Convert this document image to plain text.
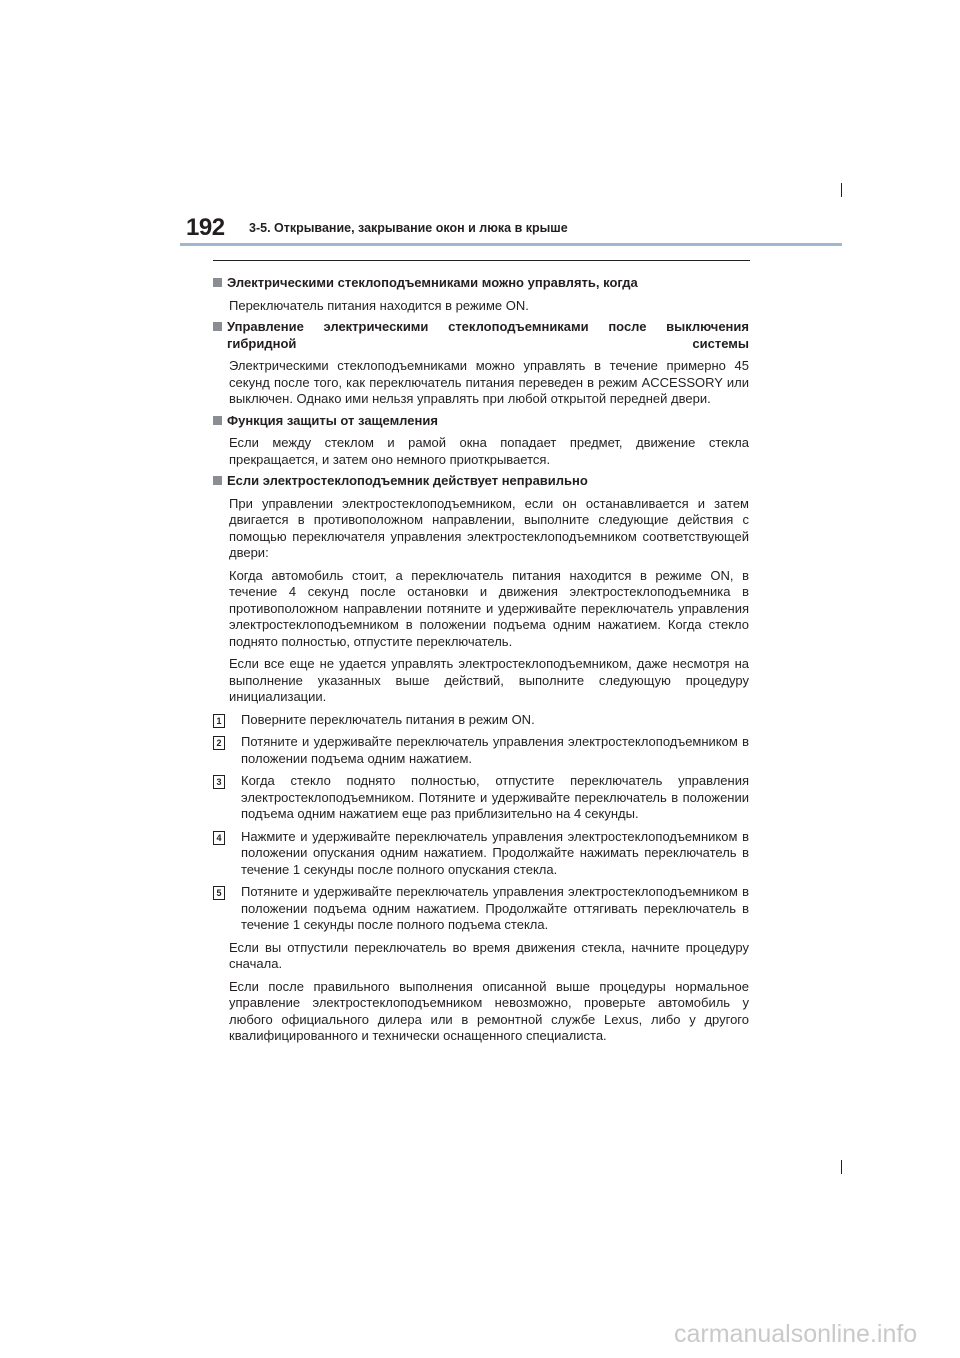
192 3-5. Открывание, закрывание окон и люка в крыше
Электрическими стеклоподъемниками можно управлять, когда
Переключатель питания находится в режиме ON.
Управление электрическими стеклоподъемниками после выключения гибридной системы
Электрическими стеклоподъемниками можно управлять в течение примерно 45 секунд после того, как переключатель питания переведен в режим ACCESSORY или выключен. Однако ими нельзя управлять при любой открытой передней двери.
Функция защиты от защемления
Если между стеклом и рамой окна попадает предмет, движение стекла прекращается, и затем оно немного приоткрывается.
Если электростеклоподъемник действует неправильно
При управлении электростеклоподъемником, если он останавливается и затем двигается в противоположном направлении, выполните следующие действия с помощью переключателя управления электростеклоподъемником соответствующей двери:
Когда автомобиль стоит, а переключатель питания находится в режиме ON, в течение 4 секунд после остановки и движения электростеклоподъемника в противоположном направлении потяните и удерживайте переключатель управления электростеклоподъемником в положении подъема одним нажатием. Когда стекло поднято полностью, отпустите переключатель.
Если все еще не удается управлять электростеклоподъемником, даже несмотря на выполнение указанных выше действий, выполните следующую процедуру инициализации.
1 Поверните переключатель питания в режим ON.
2 Потяните и удерживайте переключатель управления электростеклоподъемником в положении подъема одним нажатием.
3 Когда стекло поднято полностью, отпустите переключатель управления электростеклоподъемником. Потяните и удерживайте переключатель в положении подъема одним нажатием еще раз приблизительно на 4 секунды.
4 Нажмите и удерживайте переключатель управления электростеклоподъемником в положении опускания одним нажатием. Продолжайте нажимать переключатель в течение 1 секунды после полного опускания стекла.
5 Потяните и удерживайте переключатель управления электростеклоподъемником в положении подъема одним нажатием. Продолжайте оттягивать переключатель в течение 1 секунды после полного подъема стекла.
Если вы отпустили переключатель во время движения стекла, начните процедуру сначала.
Если после правильного выполнения описанной выше процедуры нормальное управление электростеклоподъемником невозможно, проверьте автомобиль у любого официального дилера или в ремонтной службе Lexus, либо у другого квалифицированного и технически оснащенного специалиста.
carmanualsonline.info
